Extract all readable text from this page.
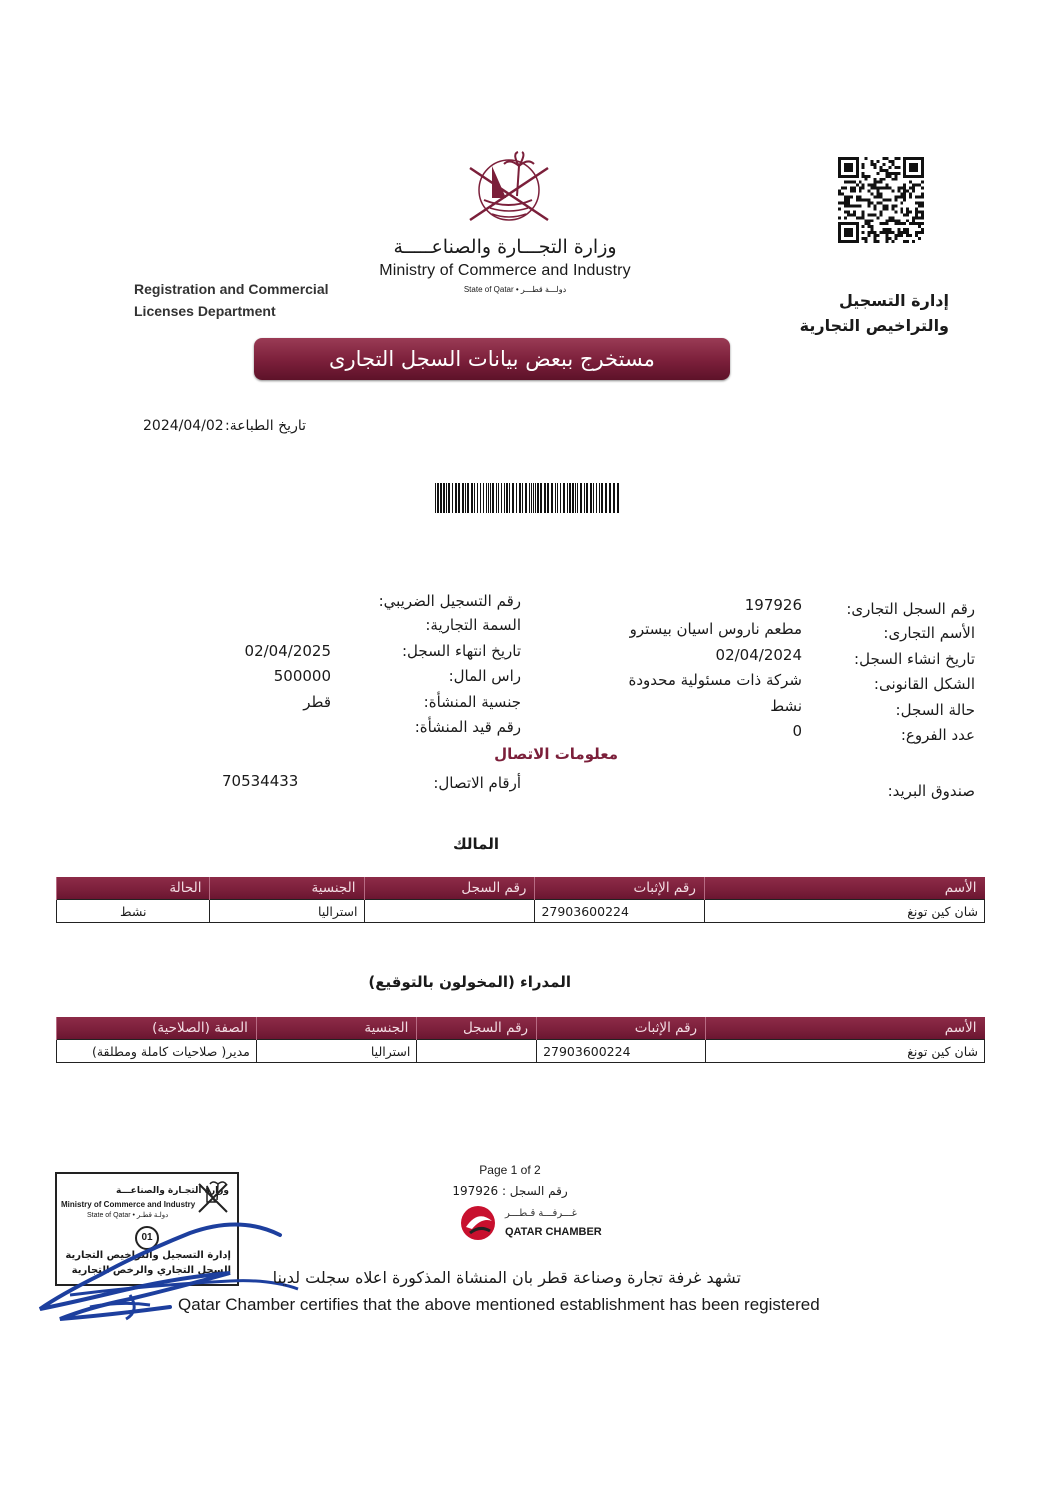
وزارة التجـــارة والصناعـــــة
Ministry of Commerce and Industry
State of Qatar • دولـــة قطـــر
Registration and Commercial
Licenses Department
إدارة التسجيل
والتراخيص التجارية
مستخرج ببعض بيانات السجل التجارى
تاريخ الطباعة:
2024/04/02
رقم السجل التجارى:
197926
الأسم التجارى:
مطعم ناروس اسيان بيسترو
تاريخ انشاء السجل:
02/04/2024
الشكل القانونى:
شركة ذات مسئولية محدودة
حالة السجل:
نشط
عدد الفروع:
0
رقم التسجيل الضريبي:
السمة التجارية:
تاريخ انتهاء السجل:
02/04/2025
راس المال:
500000
جنسية المنشأة:
قطر
رقم قيد المنشأة:
معلومات الاتصال
أرقام الاتصال:
70534433
صندوق البريد:
المالك
الأسم	رقم الإثبات	رقم السجل	الجنسية	الحالة
شان كين تونغ	27903600224		استراليا	نشط
المدراء (المخولون بالتوقيع)
الأسم	رقم الإثبات	رقم السجل	الجنسية	الصفة (الصلاحية)
شان كين تونغ	27903600224		استراليا	مدير( صلاحيات كاملة ومطلقة)
وزارة التجـارة والصناعـــة
Ministry of Commerce and Industry
State of Qatar • دولـة قطـر
01
إدارة التسجيل والتراخيص التجارية
السجل التجاري والرخص التجارية
Page 1 of 2
رقم السجل : 197926
غـــرفـــة قـطـــر
QATAR CHAMBER
تشهد غرفة تجارة وصناعة قطر بان المنشاة المذكورة اعلاه سجلت لدينا
Qatar Chamber certifies that the above mentioned establishment has been registered
